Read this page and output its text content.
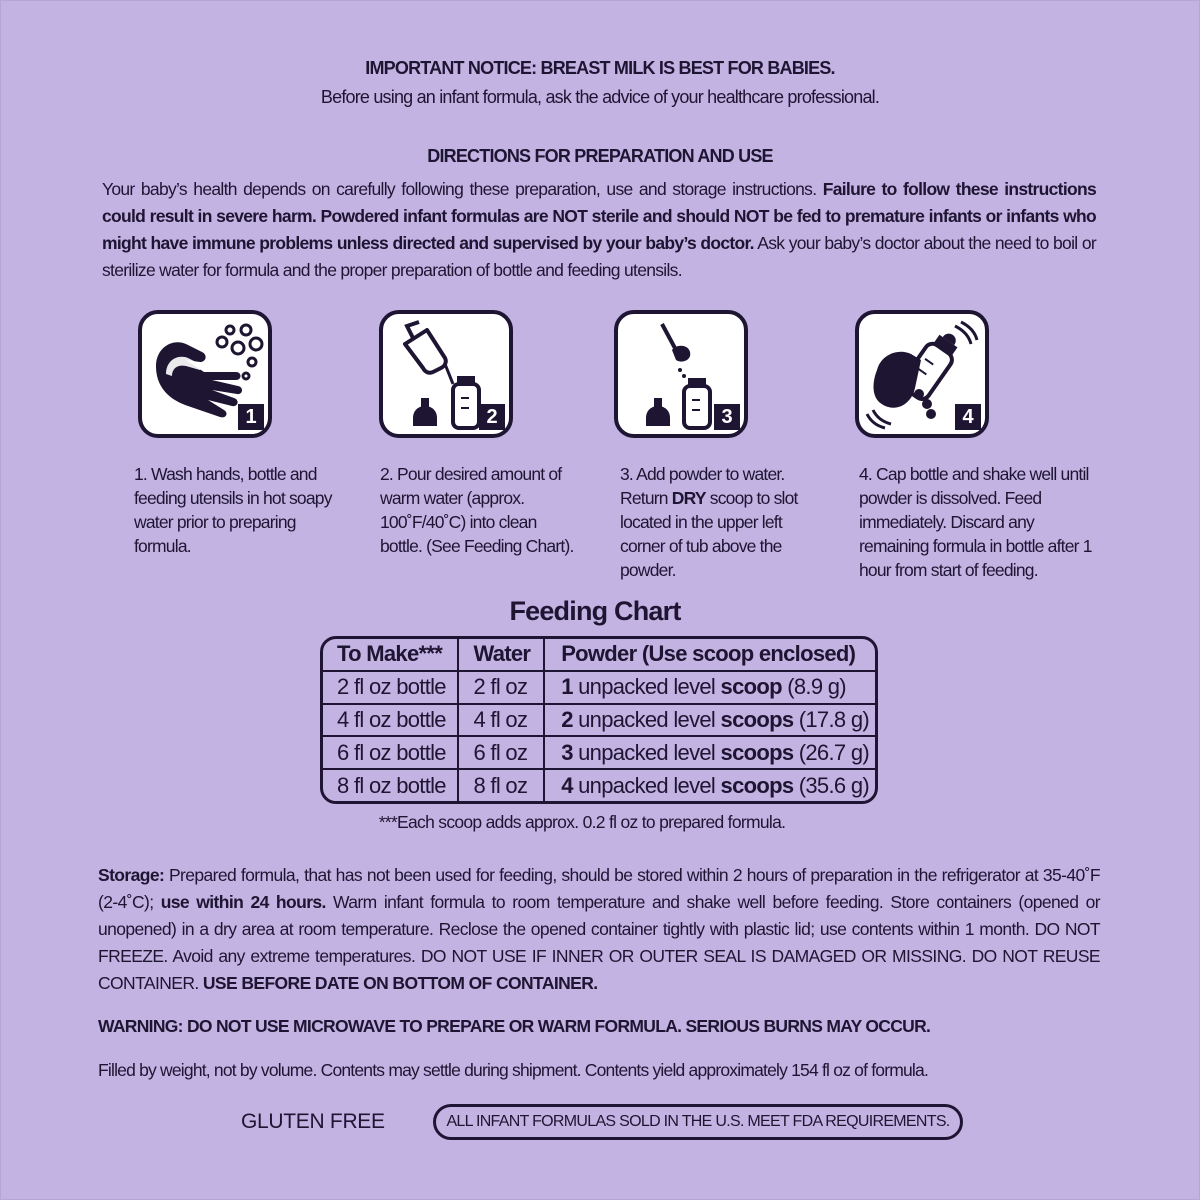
IMPORTANT NOTICE: BREAST MILK IS BEST FOR BABIES.
Before using an infant formula, ask the advice of your healthcare professional.
DIRECTIONS FOR PREPARATION AND USE
Your baby’s health depends on carefully following these preparation, use and storage instructions. Failure to follow these instructions could result in severe harm. Powdered infant formulas are NOT sterile and should NOT be fed to premature infants or infants who might have immune problems unless directed and supervised by your baby’s doctor. Ask your baby’s doctor about the need to boil or sterilize water for formula and the proper preparation of bottle and feeding utensils.
1
1. Wash hands, bottle and feeding utensils in hot soapy water prior to preparing formula.
2
2. Pour desired amount of warm water (approx. 100˚F/40˚C) into clean bottle. (See Feeding Chart).
3
3. Add powder to water. Return DRY scoop to slot located in the upper left corner of tub above the powder.
4
4. Cap bottle and shake well until powder is dissolved. Feed immediately. Discard any remaining formula in bottle after 1 hour from start of feeding.
Feeding Chart
To Make***	Water	Powder (Use scoop enclosed)
2 fl oz bottle	2 fl oz	1 unpacked level scoop (8.9 g)
4 fl oz bottle	4 fl oz	2 unpacked level scoops (17.8 g)
6 fl oz bottle	6 fl oz	3 unpacked level scoops (26.7 g)
8 fl oz bottle	8 fl oz	4 unpacked level scoops (35.6 g)
***Each scoop adds approx. 0.2 fl oz to prepared formula.
Storage: Prepared formula, that has not been used for feeding, should be stored within 2 hours of preparation in the refrigerator at 35-40˚F (2-4˚C); use within 24 hours. Warm infant formula to room temperature and shake well before feeding. Store containers (opened or unopened) in a dry area at room temperature. Reclose the opened container tightly with plastic lid; use contents within 1 month. DO NOT FREEZE. Avoid any extreme temperatures. DO NOT USE IF INNER OR OUTER SEAL IS DAMAGED OR MISSING. DO NOT REUSE CONTAINER. USE BEFORE DATE ON BOTTOM OF CONTAINER.
WARNING: DO NOT USE MICROWAVE TO PREPARE OR WARM FORMULA. SERIOUS BURNS MAY OCCUR.
Filled by weight, not by volume. Contents may settle during shipment. Contents yield approximately 154 fl oz of formula.
GLUTEN FREE	ALL INFANT FORMULAS SOLD IN THE U.S. MEET FDA REQUIREMENTS.
